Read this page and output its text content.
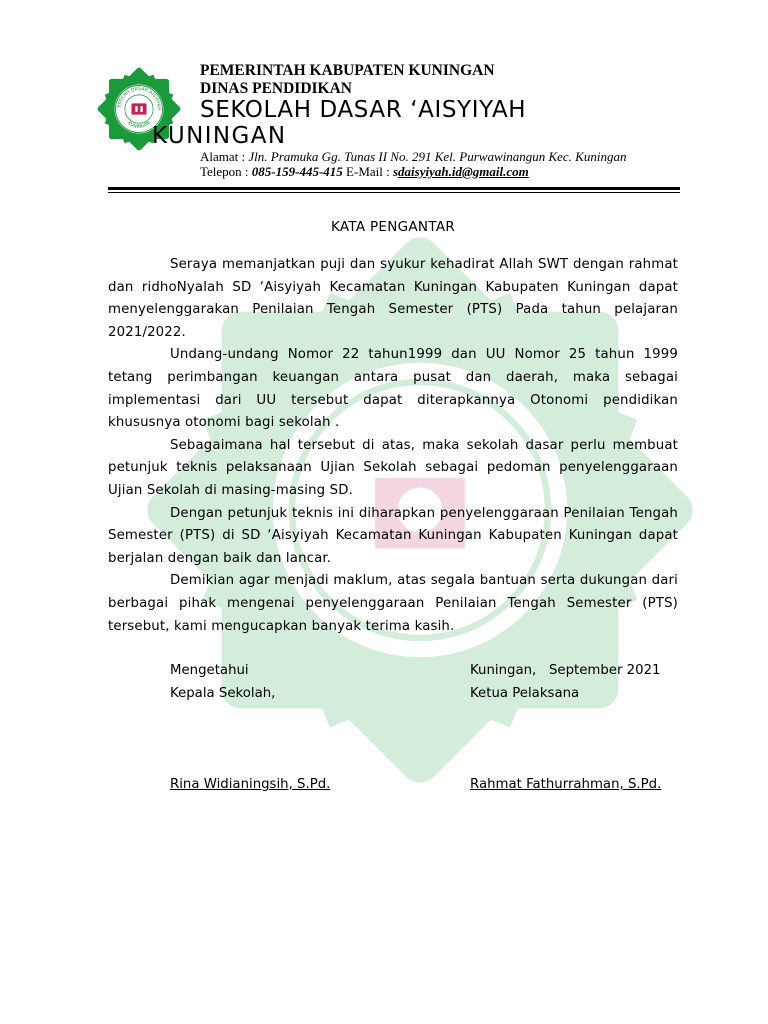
EKOLAH DASAR AISYIYAH
KUNINGAN
PEMERINTAH KABUPATEN KUNINGAN
DINAS PENDIDIKAN
SEKOLAH DASAR ‘AISYIYAH
KUNINGAN
Alamat : Jln. Pramuka Gg. Tunas II No. 291 Kel. Purwawinangun Kec. Kuningan
Telepon : 085-159-445-415 E-Mail : sdaisyiyah.id@gmail.com
KATA PENGANTAR

Seraya memanjatkan puji dan syukur kehadirat Allah SWT dengan rahmat dan ridhoNyalah SD ‘Aisyiyah Kecamatan Kuningan Kabupaten Kuningan dapat menyelenggarakan Penilaian Tengah Semester (PTS) Pada tahun pelajaran 2021/2022.

Undang-undang Nomor 22 tahun1999 dan UU Nomor 25 tahun 1999 tetang perimbangan keuangan antara pusat dan daerah, maka sebagai implementasi dari UU tersebut dapat diterapkannya Otonomi pendidikan khususnya otonomi bagi sekolah .

Sebagaimana hal tersebut di atas, maka sekolah dasar perlu membuat petunjuk teknis pelaksanaan Ujian Sekolah sebagai pedoman penyelenggaraan Ujian Sekolah di masing-masing SD.

Dengan petunjuk teknis ini diharapkan penyelenggaraan Penilaian Tengah Semester (PTS) di SD ‘Aisyiyah Kecamatan Kuningan Kabupaten Kuningan dapat berjalan dengan baik dan lancar.

Demikian agar menjadi maklum, atas segala bantuan serta dukungan dari berbagai pihak mengenai penyelenggaraan Penilaian Tengah Semester (PTS) tersebut, kami mengucapkan banyak terima kasih.

Mengetahui
Kepala Sekolah,
Rina Widianingsih, S.Pd.
Kuningan,   September 2021
Ketua Pelaksana
Rahmat Fathurrahman, S.Pd.
